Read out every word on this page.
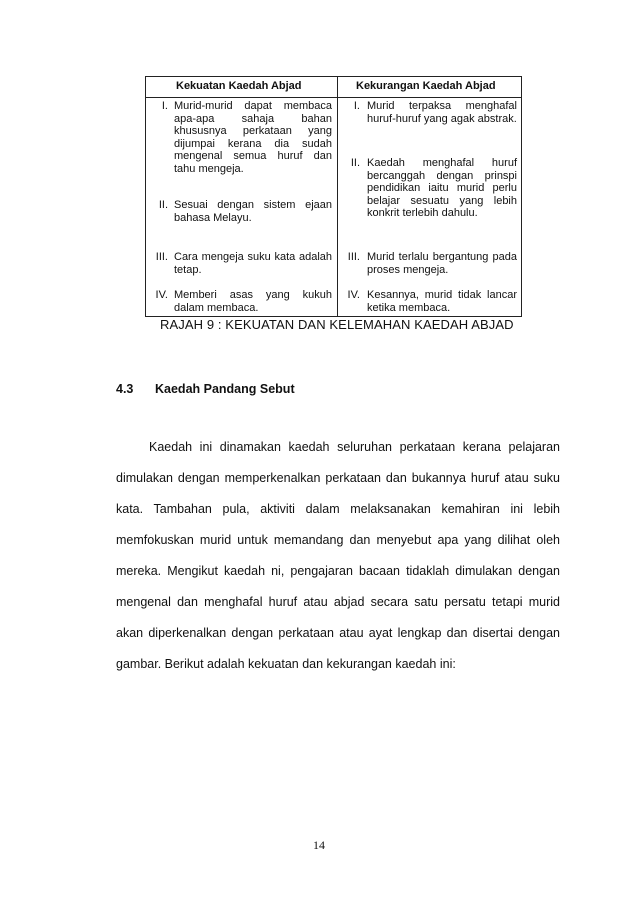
Kekuatan Kaedah Abjad	Kekurangan Kaedah Abjad
I. Murid-murid dapat membaca apa-apa sahaja bahan khususnya perkataan yang dijumpai kerana dia sudah mengenal semua huruf dan tahu mengeja.
II. Sesuai dengan sistem ejaan bahasa Melayu.
III. Cara mengeja suku kata adalah tetap.
IV. Memberi asas yang kukuh dalam membaca.
I. Murid terpaksa menghafal huruf-huruf yang agak abstrak.
II. Kaedah menghafal huruf bercanggah dengan prinspi pendidikan iaitu murid perlu belajar sesuatu yang lebih konkrit terlebih dahulu.
III. Murid terlalu bergantung pada proses mengeja.
IV. Kesannya, murid tidak lancar ketika membaca.
RAJAH 9 : KEKUATAN DAN KELEMAHAN KAEDAH ABJAD
4.3 Kaedah Pandang Sebut
Kaedah ini dinamakan kaedah seluruhan perkataan kerana pelajaran dimulakan dengan memperkenalkan perkataan dan bukannya huruf atau suku kata. Tambahan pula, aktiviti dalam melaksanakan kemahiran ini lebih memfokuskan murid untuk memandang dan menyebut apa yang dilihat oleh mereka. Mengikut kaedah ni, pengajaran bacaan tidaklah dimulakan dengan mengenal dan menghafal huruf atau abjad secara satu persatu tetapi murid akan diperkenalkan dengan perkataan atau ayat lengkap dan disertai dengan gambar. Berikut adalah kekuatan dan kekurangan kaedah ini:
14
